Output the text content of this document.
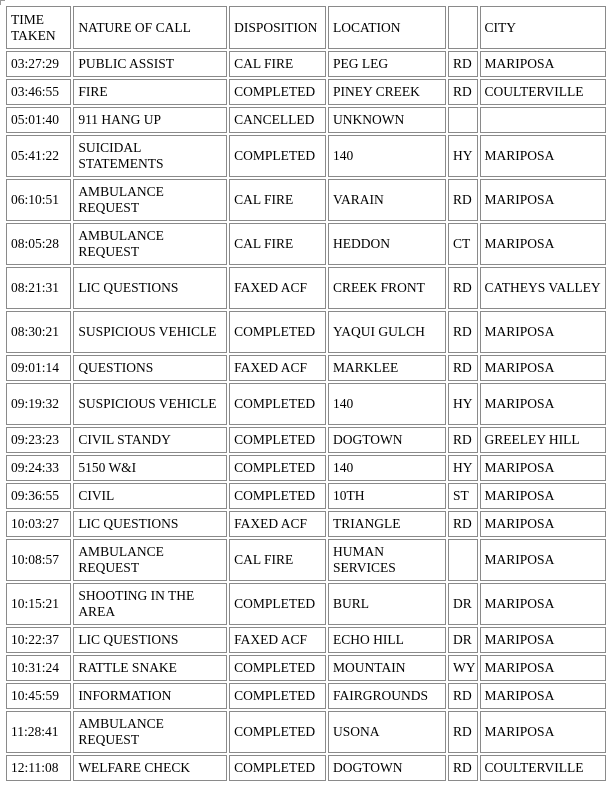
TIME TAKEN	NATURE OF CALL	DISPOSITION	LOCATION		CITY
03:27:29	PUBLIC ASSIST	CAL FIRE	PEG LEG	RD	MARIPOSA
03:46:55	FIRE	COMPLETED	PINEY CREEK	RD	COULTERVILLE
05:01:40	911 HANG UP	CANCELLED	UNKNOWN		
05:41:22	SUICIDAL STATEMENTS	COMPLETED	140	HY	MARIPOSA
06:10:51	AMBULANCE REQUEST	CAL FIRE	VARAIN	RD	MARIPOSA
08:05:28	AMBULANCE REQUEST	CAL FIRE	HEDDON	CT	MARIPOSA
08:21:31	LIC QUESTIONS	FAXED ACF	CREEK FRONT	RD	CATHEYS VALLEY
08:30:21	SUSPICIOUS VEHICLE	COMPLETED	YAQUI GULCH	RD	MARIPOSA
09:01:14	QUESTIONS	FAXED ACF	MARKLEE	RD	MARIPOSA
09:19:32	SUSPICIOUS VEHICLE	COMPLETED	140	HY	MARIPOSA
09:23:23	CIVIL STANDY	COMPLETED	DOGTOWN	RD	GREELEY HILL
09:24:33	5150 W&I	COMPLETED	140	HY	MARIPOSA
09:36:55	CIVIL	COMPLETED	10TH	ST	MARIPOSA
10:03:27	LIC QUESTIONS	FAXED ACF	TRIANGLE	RD	MARIPOSA
10:08:57	AMBULANCE REQUEST	CAL FIRE	HUMAN SERVICES		MARIPOSA
10:15:21	SHOOTING IN THE AREA	COMPLETED	BURL	DR	MARIPOSA
10:22:37	LIC QUESTIONS	FAXED ACF	ECHO HILL	DR	MARIPOSA
10:31:24	RATTLE SNAKE	COMPLETED	MOUNTAIN	WY	MARIPOSA
10:45:59	INFORMATION	COMPLETED	FAIRGROUNDS	RD	MARIPOSA
11:28:41	AMBULANCE REQUEST	COMPLETED	USONA	RD	MARIPOSA
12:11:08	WELFARE CHECK	COMPLETED	DOGTOWN	RD	COULTERVILLE
